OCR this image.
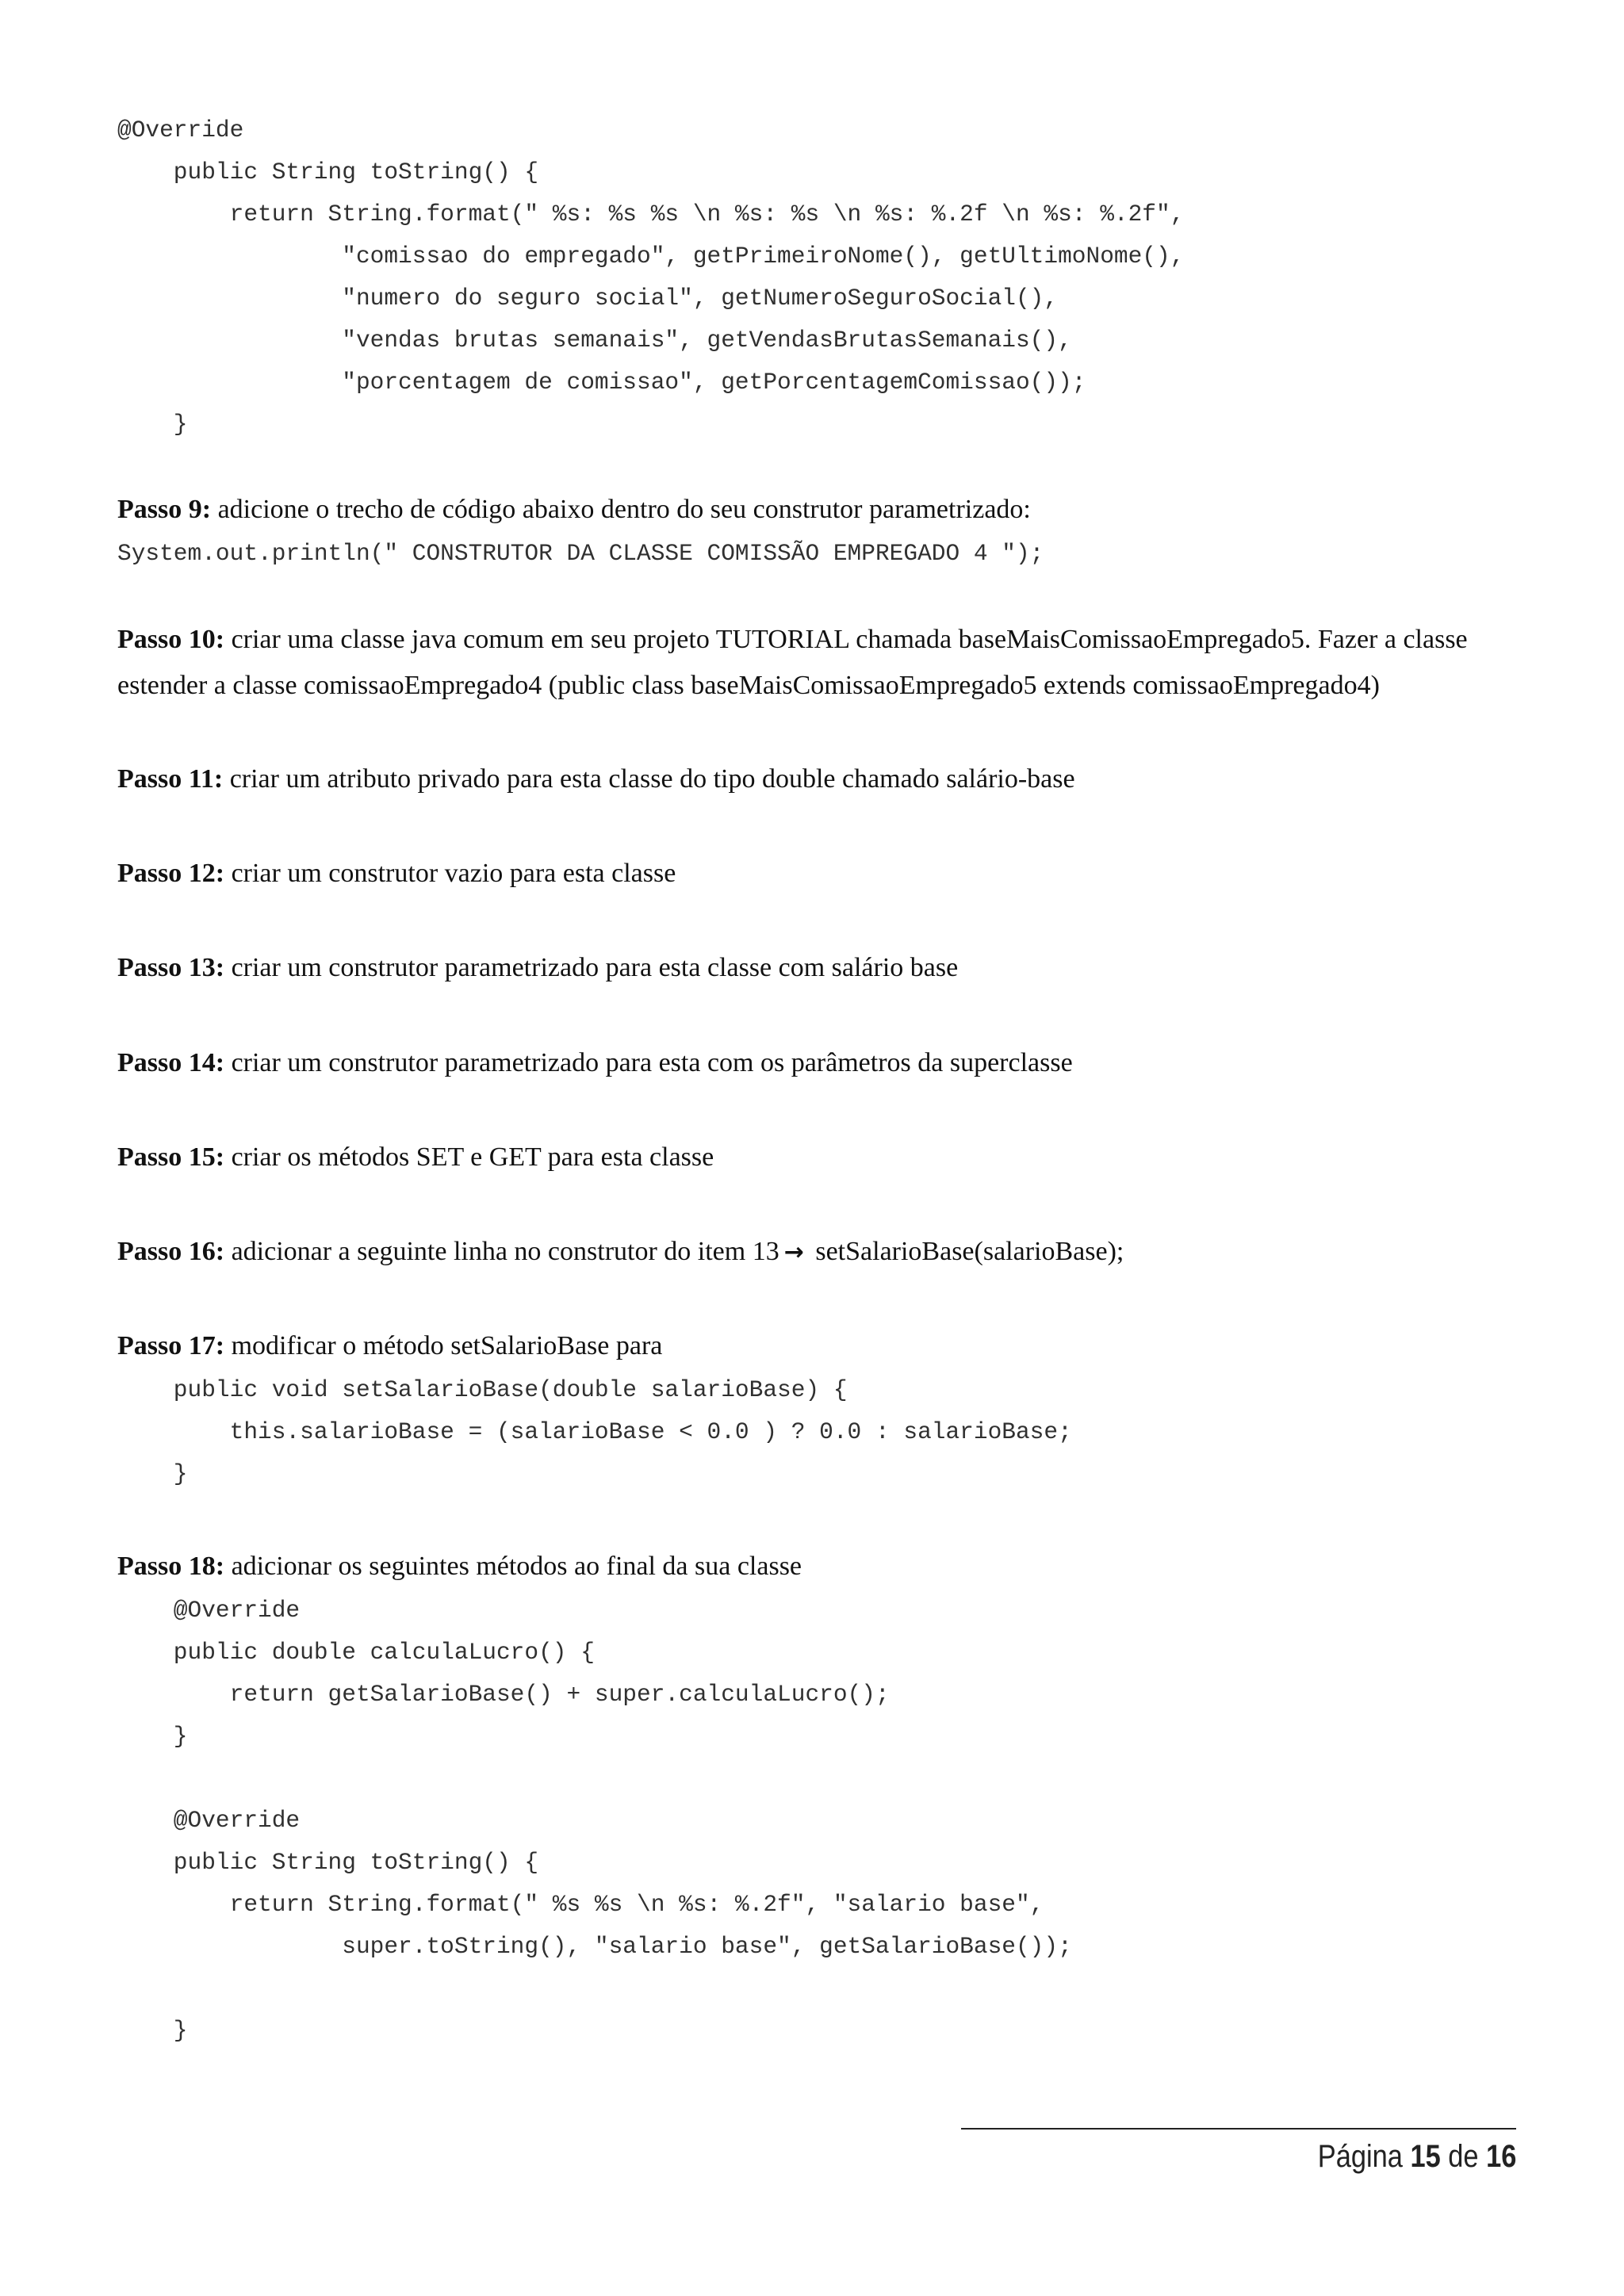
@Override
public String toString() {
return String.format(" %s: %s %s \n %s: %s \n %s: %.2f \n %s: %.2f",
"comissao do empregado", getPrimeiroNome(), getUltimoNome(),
"numero do seguro social", getNumeroSeguroSocial(),
"vendas brutas semanais", getVendasBrutasSemanais(),
"porcentagem de comissao", getPorcentagemComissao());
}
Passo 9: adicione o trecho de código abaixo dentro do seu construtor parametrizado:
System.out.println(" CONSTRUTOR DA CLASSE COMISSÃO EMPREGADO 4 ");
Passo 10: criar uma classe java comum em seu projeto TUTORIAL chamada baseMaisComissaoEmpregado5. Fazer a classe estender a classe comissaoEmpregado4 (public class baseMaisComissaoEmpregado5 extends comissaoEmpregado4)
Passo 11: criar um atributo privado para esta classe do tipo double chamado salário-base
Passo 12: criar um construtor vazio para esta classe
Passo 13: criar um construtor parametrizado para esta classe com salário base
Passo 14: criar um construtor parametrizado para esta com os parâmetros da superclasse
Passo 15: criar os métodos SET e GET para esta classe
Passo 16: adicionar a seguinte linha no construtor do item 13 → setSalarioBase(salarioBase);
Passo 17: modificar o método setSalarioBase para
public void setSalarioBase(double salarioBase) {
this.salarioBase = (salarioBase < 0.0 ) ? 0.0 : salarioBase;
}
Passo 18: adicionar os seguintes métodos ao final da sua classe
@Override
public double calculaLucro() {
return getSalarioBase() + super.calculaLucro();
}
@Override
public String toString() {
return String.format(" %s %s \n %s: %.2f", "salario base",
super.toString(), "salario base", getSalarioBase());
}
Página 15 de 16
